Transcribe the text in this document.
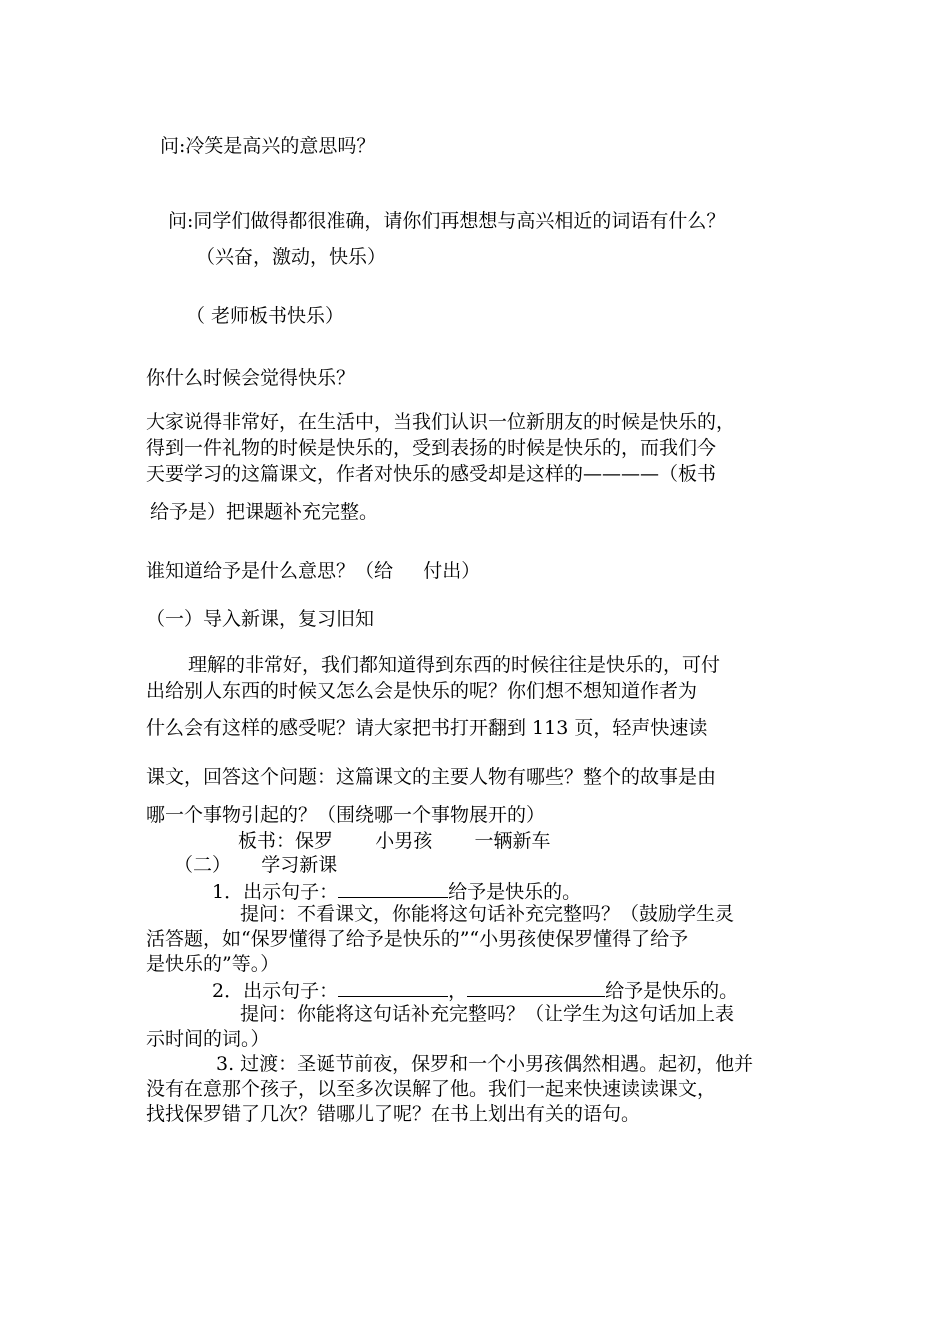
问:冷笑是高兴的意思吗？
问:同学们做得都很准确，请你们再想想与高兴相近的词语有什么？
（兴奋，激动，快乐）
（ 老师板书快乐）
你什么时候会觉得快乐？
大家说得非常好，在生活中，当我们认识一位新朋友的时候是快乐的，
得到一件礼物的时候是快乐的，受到表扬的时候是快乐的，而我们今
天要学习的这篇课文，作者对快乐的感受却是这样的————（板书
给予是）把课题补充完整。
谁知道给予是什么意思？（给     付出）
（一）导入新课，复习旧知
理解的非常好，我们都知道得到东西的时候往往是快乐的，可付
出给别人东西的时候又怎么会是快乐的呢？你们想不想知道作者为
什么会有这样的感受呢？请大家把书打开翻到 113 页，轻声快速读
课文，回答这个问题：这篇课文的主要人物有哪些？整个的故事是由
哪一个事物引起的？（围绕哪一个事物展开的）
板书：保罗       小男孩       一辆新车
（二）     学习新课
1．出示句子：	给予是快乐的。
提问：不看课文，你能将这句话补充完整吗？（鼓励学生灵
活答题，如“保罗懂得了给予是快乐的”“小男孩使保罗懂得了给予
是快乐的”等。）
2．出示句子：	，	给予是快乐的。
提问：你能将这句话补充完整吗？（让学生为这句话加上表
示时间的词。）
3. 过渡：圣诞节前夜，保罗和一个小男孩偶然相遇。起初，他并
没有在意那个孩子，以至多次误解了他。我们一起来快速读读课文，
找找保罗错了几次？错哪儿了呢？在书上划出有关的语句。
